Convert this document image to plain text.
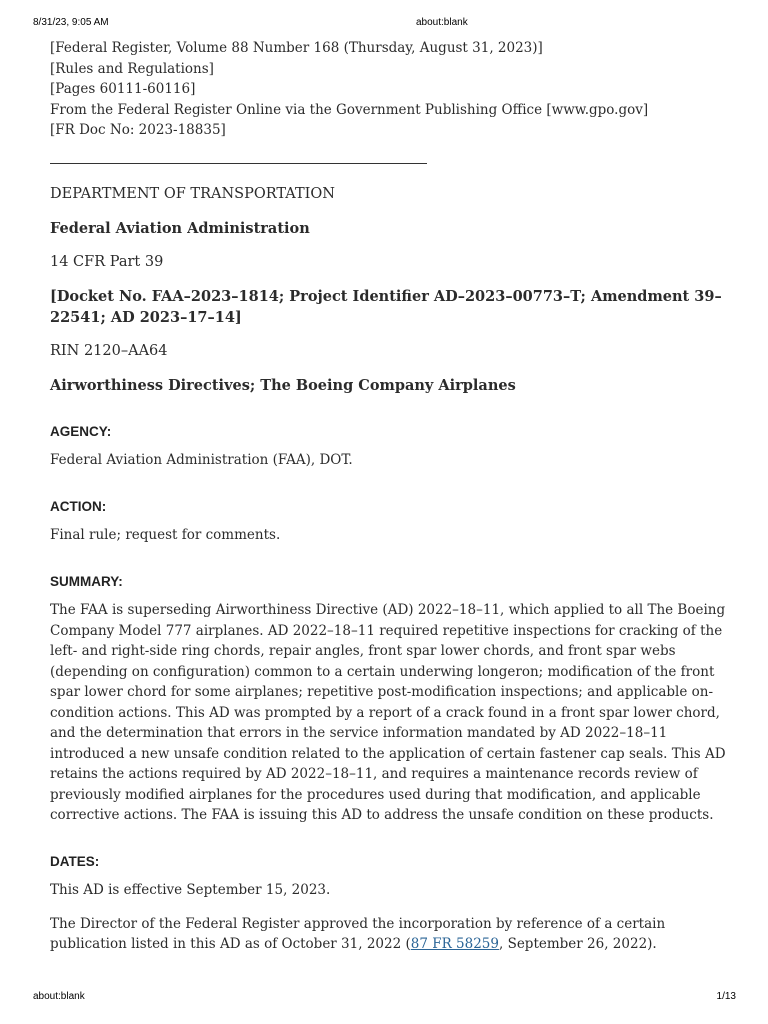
8/31/23, 9:05 AM	about:blank
[Federal Register, Volume 88 Number 168 (Thursday, August 31, 2023)]
[Rules and Regulations]
[Pages 60111-60116]
From the Federal Register Online via the Government Publishing Office [www.gpo.gov]
[FR Doc No: 2023-18835]
DEPARTMENT OF TRANSPORTATION
Federal Aviation Administration
14 CFR Part 39
[Docket No. FAA–2023–1814; Project Identifier AD–2023–00773–T; Amendment 39–22541; AD 2023–17–14]
RIN 2120–AA64
Airworthiness Directives; The Boeing Company Airplanes
AGENCY:

Federal Aviation Administration (FAA), DOT.

ACTION:

Final rule; request for comments.

SUMMARY:

The FAA is superseding Airworthiness Directive (AD) 2022–18–11, which applied to all The Boeing Company Model 777 airplanes. AD 2022–18–11 required repetitive inspections for cracking of the left- and right-side ring chords, repair angles, front spar lower chords, and front spar webs (depending on configuration) common to a certain underwing longeron; modification of the front spar lower chord for some airplanes; repetitive post-modification inspections; and applicable on-condition actions. This AD was prompted by a report of a crack found in a front spar lower chord, and the determination that errors in the service information mandated by AD 2022–18–11 introduced a new unsafe condition related to the application of certain fastener cap seals. This AD retains the actions required by AD 2022–18–11, and requires a maintenance records review of previously modified airplanes for the procedures used during that modification, and applicable corrective actions. The FAA is issuing this AD to address the unsafe condition on these products.

DATES:

This AD is effective September 15, 2023.

The Director of the Federal Register approved the incorporation by reference of a certain publication listed in this AD as of October 31, 2022 (87 FR 58259, September 26, 2022).

about:blank	1/13
